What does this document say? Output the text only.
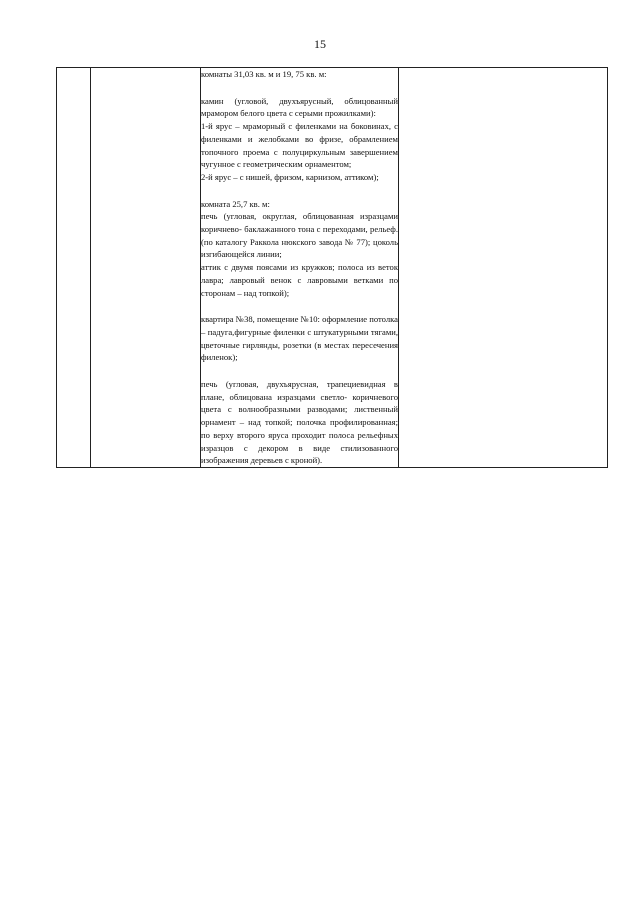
15

комнаты 31,03 кв. м и 19, 75 кв. м:
камин (угловой, двухъярусный, облицованный мрамором белого цвета с серыми прожилками):
1-й ярус – мраморный с филенками на боковинах, с филенками и желобками во фризе, обрамлением топочного проема с полуциркульным завершением чугунное с геометрическим орнаментом;
2-й ярус – с нишей, фризом, карнизом, аттиком);
комната 25,7 кв. м:
печь (угловая, округлая, облицованная изразцами коричнево- баклажанного тона с переходами, рельеф. (по каталогу Раккола нюкского завода № 77); цоколь изгибающейся линии;
аттик с двумя поясами из кружков; полоса из веток лавра; лавровый венок с лавровыми ветками по сторонам – над топкой);
квартира №38, помещение №10: оформление потолка – падуга,фигурные филенки с штукатурными тягами, цветочные гирлянды, розетки (в местах пересечения филенок);
печь (угловая, двухъярусная, трапециевидная в плане, облицована изразцами светло- коричневого цвета с волнообразными разводами; лиственный орнамент – над топкой; полочка профилированная; по верху второго яруса проходит полоса рельефных изразцов с декором в виде стилизованного изображения деревьев с кроной).
